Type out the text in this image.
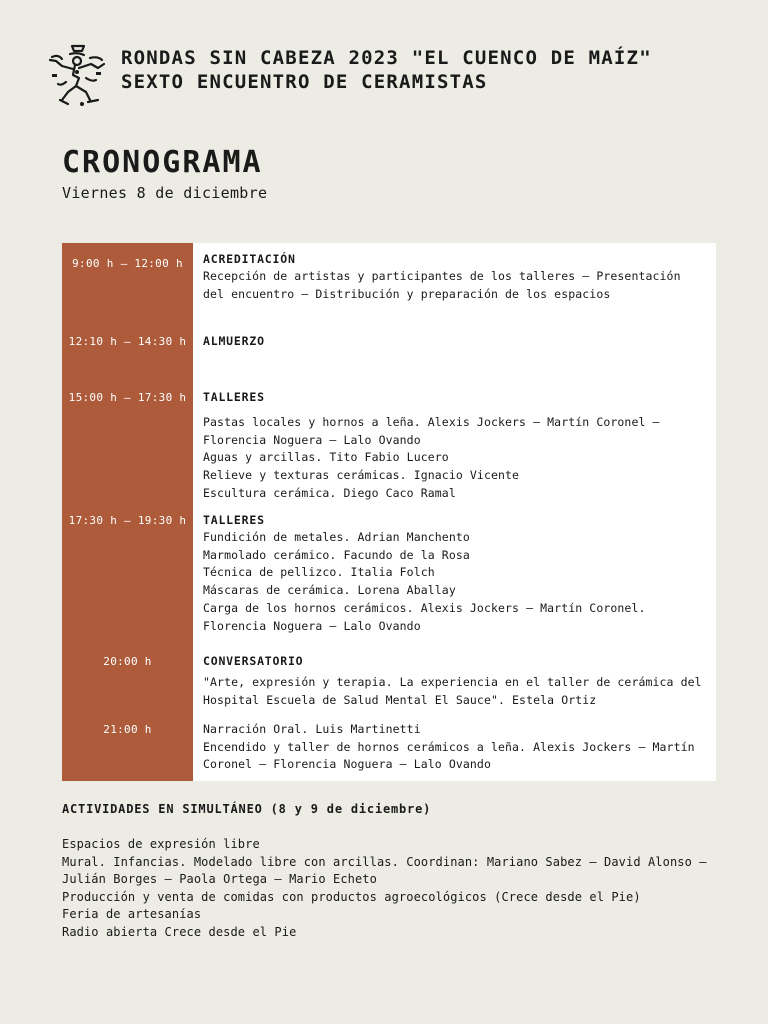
RONDAS SIN CABEZA 2023 "EL CUENCO DE MAÍZ"
SEXTO ENCUENTRO DE CERAMISTAS
CRONOGRAMA
Viernes 8 de diciembre
9:00 h – 12:00 h	ACREDITACIÓN
Recepción de artistas y participantes de los talleres – Presentación
del encuentro – Distribución y preparación de los espacios
12:10 h – 14:30 h	ALMUERZO
15:00 h – 17:30 h	TALLERES
Pastas locales y hornos a leña. Alexis Jockers – Martín Coronel –
Florencia Noguera – Lalo Ovando
Aguas y arcillas. Tito Fabio Lucero
Relieve y texturas cerámicas. Ignacio Vicente
Escultura cerámica. Diego Caco Ramal
17:30 h – 19:30 h	TALLERES
Fundición de metales. Adrian Manchento
Marmolado cerámico. Facundo de la Rosa
Técnica de pellizco. Italia Folch
Máscaras de cerámica. Lorena Aballay
Carga de los hornos cerámicos. Alexis Jockers – Martín Coronel.
Florencia Noguera – Lalo Ovando
20:00 h	CONVERSATORIO
"Arte, expresión y terapia. La experiencia en el taller de cerámica del
Hospital Escuela de Salud Mental El Sauce". Estela Ortiz
21:00 h	Narración Oral. Luis Martinetti
Encendido y taller de hornos cerámicos a leña. Alexis Jockers – Martín
Coronel – Florencia Noguera – Lalo Ovando
ACTIVIDADES EN SIMULTÁNEO (8 y 9 de diciembre)
Espacios de expresión libre
Mural. Infancias. Modelado libre con arcillas. Coordinan: Mariano Sabez – David Alonso –
Julián Borges – Paola Ortega – Mario Echeto
Producción y venta de comidas con productos agroecológicos (Crece desde el Pie)
Feria de artesanías
Radio abierta Crece desde el Pie
